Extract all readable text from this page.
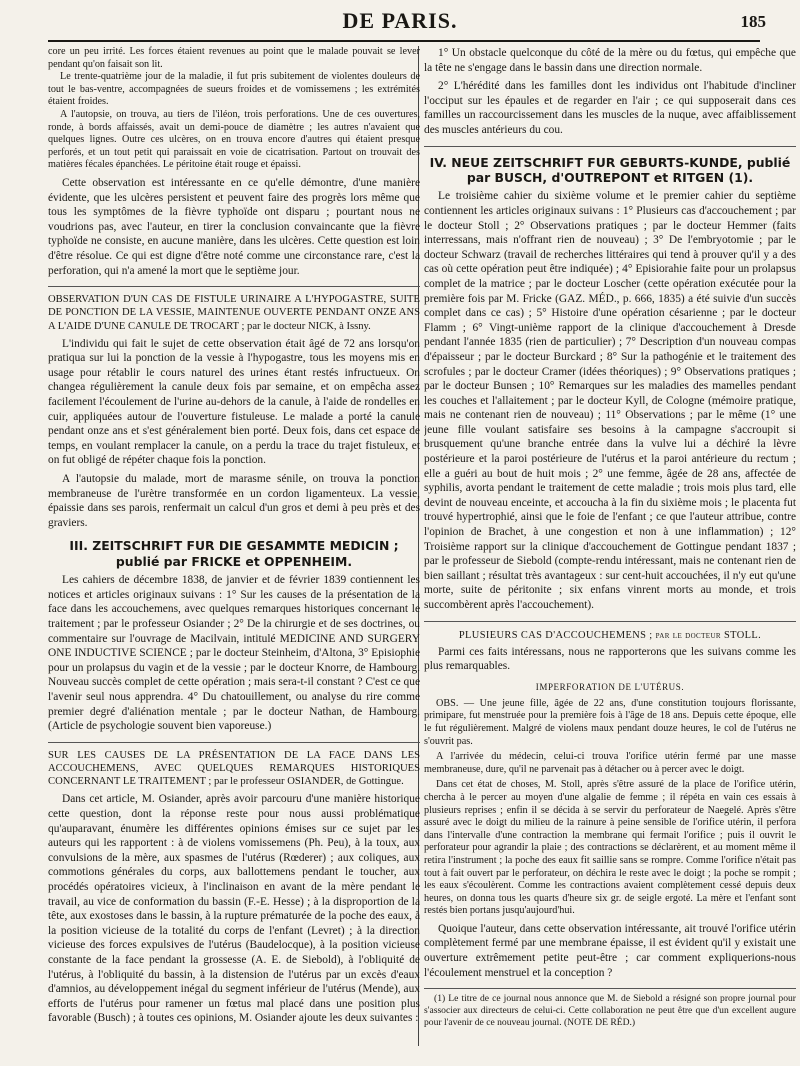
DE PARIS.	185

core un peu irrité. Les forces étaient revenues au point que le malade pouvait se lever pendant qu'on faisait son lit.

Le trente-quatrième jour de la maladie, il fut pris subitement de violentes douleurs de tout le bas-ventre, accompagnées de sueurs froides et de vomissemens ; les extrémités étaient froides.

A l'autopsie, on trouva, au tiers de l'iléon, trois perforations. Une de ces ouvertures, ronde, à bords affaissés, avait un demi-pouce de diamètre ; les autres n'avaient que quelques lignes. Outre ces ulcères, on en trouva encore d'autres qui étaient presque perforés, et un tout petit qui paraissait en voie de cicatrisation. Partout on trouvait des matières fécales épanchées. Le péritoine était rouge et épaissi.

Cette observation est intéressante en ce qu'elle démontre, d'une manière évidente, que les ulcères persistent et peuvent faire des progrès lors même que tous les symptômes de la fièvre typhoïde ont disparu ; pourtant nous ne voudrions pas, avec l'auteur, en tirer la conclusion convaincante que la fièvre typhoïde ne consiste, en aucune manière, dans les ulcères. Cette question est loin d'être résolue. Ce qui est digne d'être noté comme une circonstance rare, c'est la perforation, qui n'a amené la mort que le septième jour.

OBSERVATION D'UN CAS DE FISTULE URINAIRE A L'HYPOGASTRE, SUITE DE PONCTION DE LA VESSIE, MAINTENUE OUVERTE PENDANT ONZE ANS A L'AIDE D'UNE CANULE DE TROCART ; par le docteur NICK, à Issny.

L'individu qui fait le sujet de cette observation était âgé de 72 ans lorsqu'on pratiqua sur lui la ponction de la vessie à l'hypogastre, tous les moyens mis en usage pour rétablir le cours naturel des urines étant restés infructueux. On changea régulièrement la canule deux fois par semaine, et on empêcha assez facilement l'écoulement de l'urine au-dehors de la canule, à l'aide de rondelles en cuir, appliquées autour de l'ouverture fistuleuse. Le malade a porté la canule pendant onze ans et s'est généralement bien porté. Deux fois, dans cet espace de temps, en voulant remplacer la canule, on a perdu la trace du trajet fistuleux, et on fut obligé de répéter chaque fois la ponction.

A l'autopsie du malade, mort de marasme sénile, on trouva la ponction membraneuse de l'urètre transformée en un cordon ligamenteux. La vessie, épaissie dans ses parois, renfermait un calcul d'un gros et demi à peu près et des graviers.

III. ZEITSCHRIFT FUR DIE GESAMMTE MEDICIN ; publié par FRICKE et OPPENHEIM.

Les cahiers de décembre 1838, de janvier et de février 1839 contiennent les notices et articles originaux suivans : 1° Sur les causes de la présentation de la face dans les accouchemens, avec quelques remarques historiques concernant le traitement ; par le professeur Osiander ; 2° De la chirurgie et de ses doctrines, ou commentaire sur l'ouvrage de Macilvain, intitulé MEDICINE AND SURGERY ONE INDUCTIVE SCIENCE ; par le docteur Steinheim, d'Altona, 3° Episiophie pour un prolapsus du vagin et de la vessie ; par le docteur Knorre, de Hambourg. Nouveau succès complet de cette opération ; mais sera-t-il constant ? C'est ce que l'avenir seul nous apprendra. 4° Du chatouillement, ou analyse du rire comme premier degré d'aliénation mentale ; par le docteur Nathan, de Hambourg. (Article de psychologie souvent bien vaporeuse.)

SUR LES CAUSES DE LA PRÉSENTATION DE LA FACE DANS LES ACCOUCHEMENS, AVEC QUELQUES REMARQUES HISTORIQUES CONCERNANT LE TRAITEMENT ; par le professeur OSIANDER, de Gottingue.

Dans cet article, M. Osiander, après avoir parcouru d'une manière historique cette question, dont la réponse reste pour nous aussi problématique qu'auparavant, énumère les différentes opinions émises sur ce sujet par les auteurs qui les rapportent : à de violens vomissemens (Ph. Peu), à la toux, aux convulsions de la mère, aux spasmes de l'utérus (Rœderer) ; aux coliques, aux commotions générales du corps, aux ballottemens pendant le toucher, aux procédés opératoires vicieux, à l'inclinaison en avant de la mère pendant le travail, au vice de conformation du bassin (F.-E. Hesse) ; à la disproportion de la tête, aux exostoses dans le bassin, à la rupture prématurée de la poche des eaux, à la position vicieuse de la totalité du corps de l'enfant (Levret) ; à la direction vicieuse des forces expulsives de l'utérus (Baudelocque), à la position vicieuse constante de la face pendant la grossesse (A. E. de Siebold), à l'obliquité de l'utérus, à l'obliquité du bassin, à la distension de l'utérus par un excès d'eaux d'amnios, au développement inégal du segment inférieur de l'utérus (Mende), aux efforts de l'utérus pour ramener un fœtus mal placé dans une position plus favorable (Busch) ; à toutes ces opinions, M. Osiander ajoute les deux suivantes :

1° Un obstacle quelconque du côté de la mère ou du fœtus, qui empêche que la tête ne s'engage dans le bassin dans une direction normale.

2° L'hérédité dans les familles dont les individus ont l'habitude d'incliner l'occiput sur les épaules et de regarder en l'air ; ce qui supposerait dans ces familles un raccourcissement dans les muscles de la nuque, avec affaiblissement des muscles antérieurs du cou.

IV. NEUE ZEITSCHRIFT FUR GEBURTS-KUNDE, publié par BUSCH, d'OUTREPONT et RITGEN (1).

Le troisième cahier du sixième volume et le premier cahier du septième contiennent les articles originaux suivans : 1° Plusieurs cas d'accouchement ; par le docteur Stoll ; 2° Observations pratiques ; par le docteur Hemmer (faits interressans, mais n'offrant rien de nouveau) ; 3° De l'embryotomie ; par le docteur Schwarz (travail de recherches littéraires qui tend à prouver qu'il y a des cas où cette opération peut être indiquée) ; 4° Episiorahie faite pour un prolapsus complet de la matrice ; par le docteur Loscher (cette opération exécutée pour la première fois par M. Fricke (GAZ. MÉD., p. 666, 1835) a été suivie d'un succès complet dans ce cas) ; 5° Histoire d'une opération césarienne ; par le docteur Flamm ; 6° Vingt-unième rapport de la clinique d'accouchement à Dresde pendant l'année 1835 (rien de particulier) ; 7° Description d'un nouveau compas d'épaisseur ; par le docteur Burckard ; 8° Sur la pathogénie et le traitement des scrofules ; par le docteur Cramer (idées théoriques) ; 9° Observations pratiques ; par le docteur Bunsen ; 10° Remarques sur les maladies des mamelles pendant les couches et l'allaitement ; par le docteur Kyll, de Cologne (mémoire pratique, mais ne contenant rien de nouveau) ; 11° Observations ; par le même (1° une jeune fille voulant satisfaire ses besoins à la campagne s'accroupit si brusquement qu'une branche entrée dans la vulve lui a déchiré la lèvre postérieure et la paroi postérieure de l'utérus et la paroi antérieure du rectum ; elle a guéri au bout de huit mois ; 2° une femme, âgée de 28 ans, affectée de syphilis, avorta pendant le traitement de cette maladie ; trois mois plus tard, elle devint de nouveau enceinte, et accoucha à la fin du sixième mois ; le placenta fut trouvé hypertrophié, ainsi que le foie de l'enfant ; ce que l'auteur attribue, contre l'opinion de Brachet, à une congestion et non à une inflammation) ; 12° Troisième rapport sur la clinique d'accouchement de Gottingue pendant 1837 ; par le professeur de Siebold (compte-rendu intéressant, mais ne contenant rien de bien saillant ; résultat très avantageux : sur cent-huit accouchées, il n'y eut qu'une morte, suite de péritonite ; six enfans vinrent morts au monde, et trois succombèrent après l'accouchement).

PLUSIEURS CAS D'ACCOUCHEMENS ; par le docteur STOLL.

Parmi ces faits intéressans, nous ne rapporterons que les suivans comme les plus remarquables.

IMPERFORATION DE L'UTÉRUS.

OBS. — Une jeune fille, âgée de 22 ans, d'une constitution toujours florissante, primipare, fut menstruée pour la première fois à l'âge de 18 ans. Depuis cette époque, elle le fut régulièrement. Malgré de violens maux pendant douze heures, le col de l'utérus ne s'ouvrit pas.

A l'arrivée du médecin, celui-ci trouva l'orifice utérin fermé par une masse membraneuse, dure, qu'il ne parvenait pas à détacher ou à percer avec le doigt.

Dans cet état de choses, M. Stoll, après s'être assuré de la place de l'orifice utérin, chercha à le percer au moyen d'une algalie de femme ; il répéta en vain ces essais à plusieurs reprises ; enfin il se décida à se servir du perforateur de Naegelé. Après s'être assuré avec le doigt du milieu de la rainure à peine sensible de l'orifice utérin, il perfora dans l'intervalle d'une contraction la membrane qui fermait l'orifice ; puis il ouvrit le perforateur pour agrandir la plaie ; des contractions se déclarèrent, et au moment même il retira l'instrument ; la poche des eaux fit saillie sans se rompre. Comme l'orifice n'était pas tout à fait ouvert par le perforateur, on déchira le reste avec le doigt ; la poche se rompit ; les eaux s'écoulèrent. Comme les contractions avaient complètement cessé depuis deux heures, on donna tous les quarts d'heure six gr. de seigle ergoté. La mère et l'enfant sont restés bien portans jusqu'aujourd'hui.

Quoique l'auteur, dans cette observation intéressante, ait trouvé l'orifice utérin complètement fermé par une membrane épaisse, il est évident qu'il y existait une ouverture extrêmement petite peut-être ; car comment expliquerions-nous l'écoulement menstruel et la conception ?

(1) Le titre de ce journal nous annonce que M. de Siebold a résigné son propre journal pour s'associer aux directeurs de celui-ci. Cette collaboration ne peut être que d'un excellent augure pour l'avenir de ce nouveau journal. (NOTE DE RÉD.)
